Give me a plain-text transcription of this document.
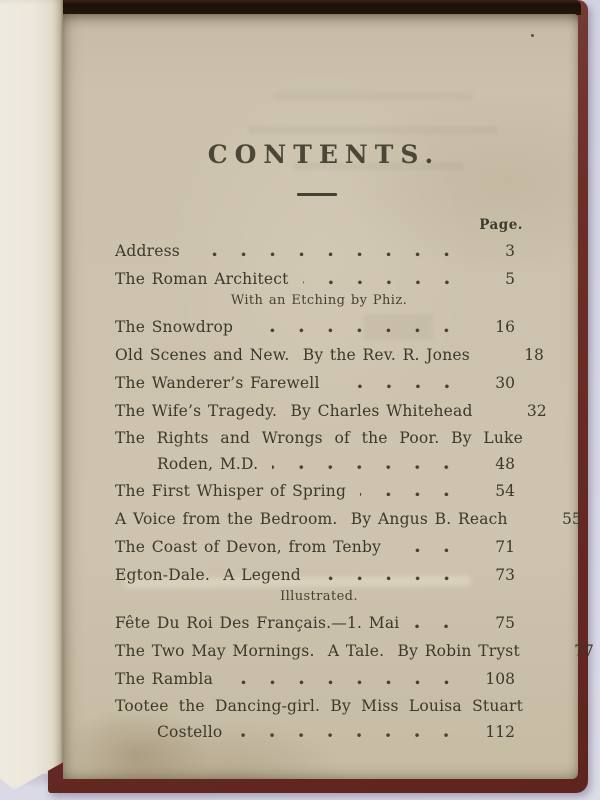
CONTENTS.
Page.
Address	3
The Roman Architect	5
With an Etching by Phiz.
The Snowdrop	16
Old Scenes and New.  By the Rev. R. Jones	18
The Wanderer’s Farewell	30
The Wife’s Tragedy.  By Charles Whitehead	32
The Rights and Wrongs of the Poor. By Luke
Roden, M.D.	48
The First Whisper of Spring	54
A Voice from the Bedroom.  By Angus B. Reach	55
The Coast of Devon, from Tenby	71
Egton-Dale.  A Legend	73
Illustrated.
Fête Du Roi Des Français.—1. Mai	75
The Two May Mornings.  A Tale.  By Robin Tryst	77
The Rambla	108
Tootee the Dancing-girl. By Miss Louisa Stuart
Costello	112
